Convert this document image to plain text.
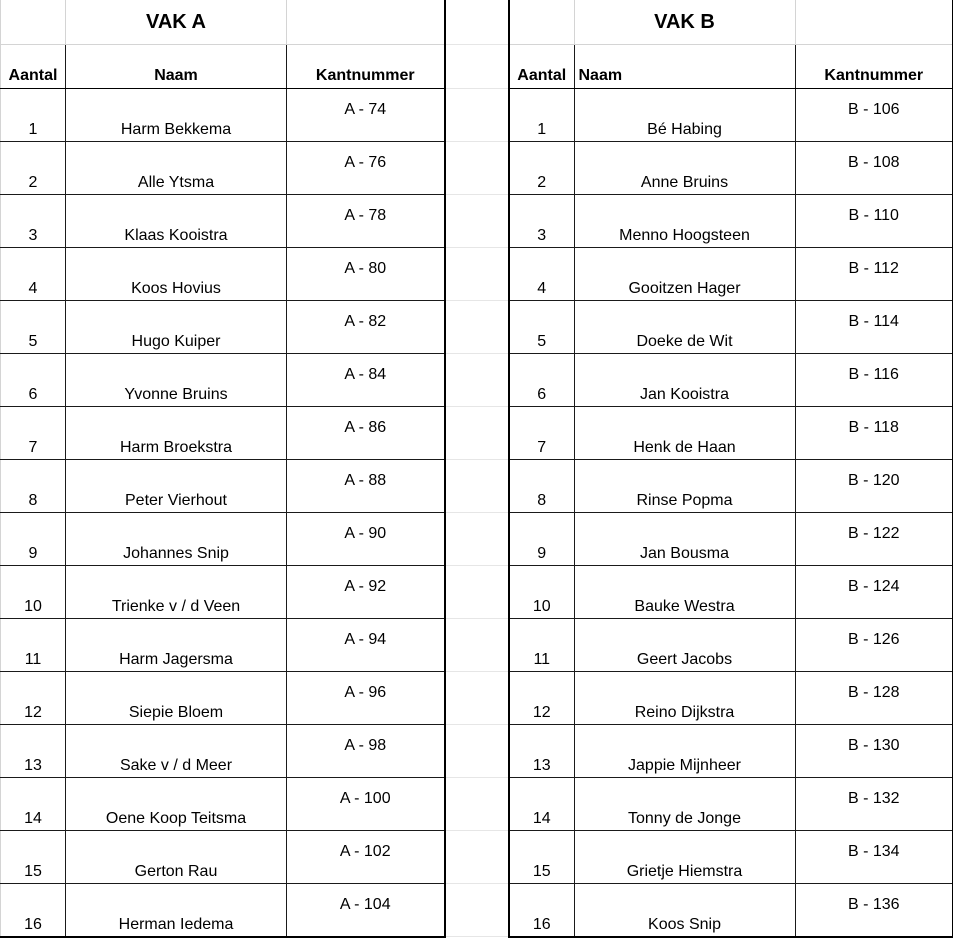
	VAK A	
Aantal	Naam	Kantnummer
1	Harm Bekkema	A - 74
2	Alle Ytsma	A - 76
3	Klaas Kooistra	A - 78
4	Koos Hovius	A - 80
5	Hugo Kuiper	A - 82
6	Yvonne Bruins	A - 84
7	Harm Broekstra	A - 86
8	Peter Vierhout	A - 88
9	Johannes Snip	A - 90
10	Trienke v / d Veen	A - 92
11	Harm Jagersma	A - 94
12	Siepie Bloem	A - 96
13	Sake v / d Meer	A - 98
14	Oene Koop Teitsma	A - 100
15	Gerton Rau	A - 102
16	Herman Iedema	A - 104
	VAK B	
Aantal	Naam	Kantnummer
1	Bé Habing	B - 106
2	Anne Bruins	B - 108
3	Menno Hoogsteen	B - 110
4	Gooitzen Hager	B - 112
5	Doeke de Wit	B - 114
6	Jan Kooistra	B - 116
7	Henk de Haan	B - 118
8	Rinse Popma	B - 120
9	Jan Bousma	B - 122
10	Bauke Westra	B - 124
11	Geert Jacobs	B - 126
12	Reino Dijkstra	B - 128
13	Jappie Mijnheer	B - 130
14	Tonny de Jonge	B - 132
15	Grietje Hiemstra	B - 134
16	Koos Snip	B - 136
